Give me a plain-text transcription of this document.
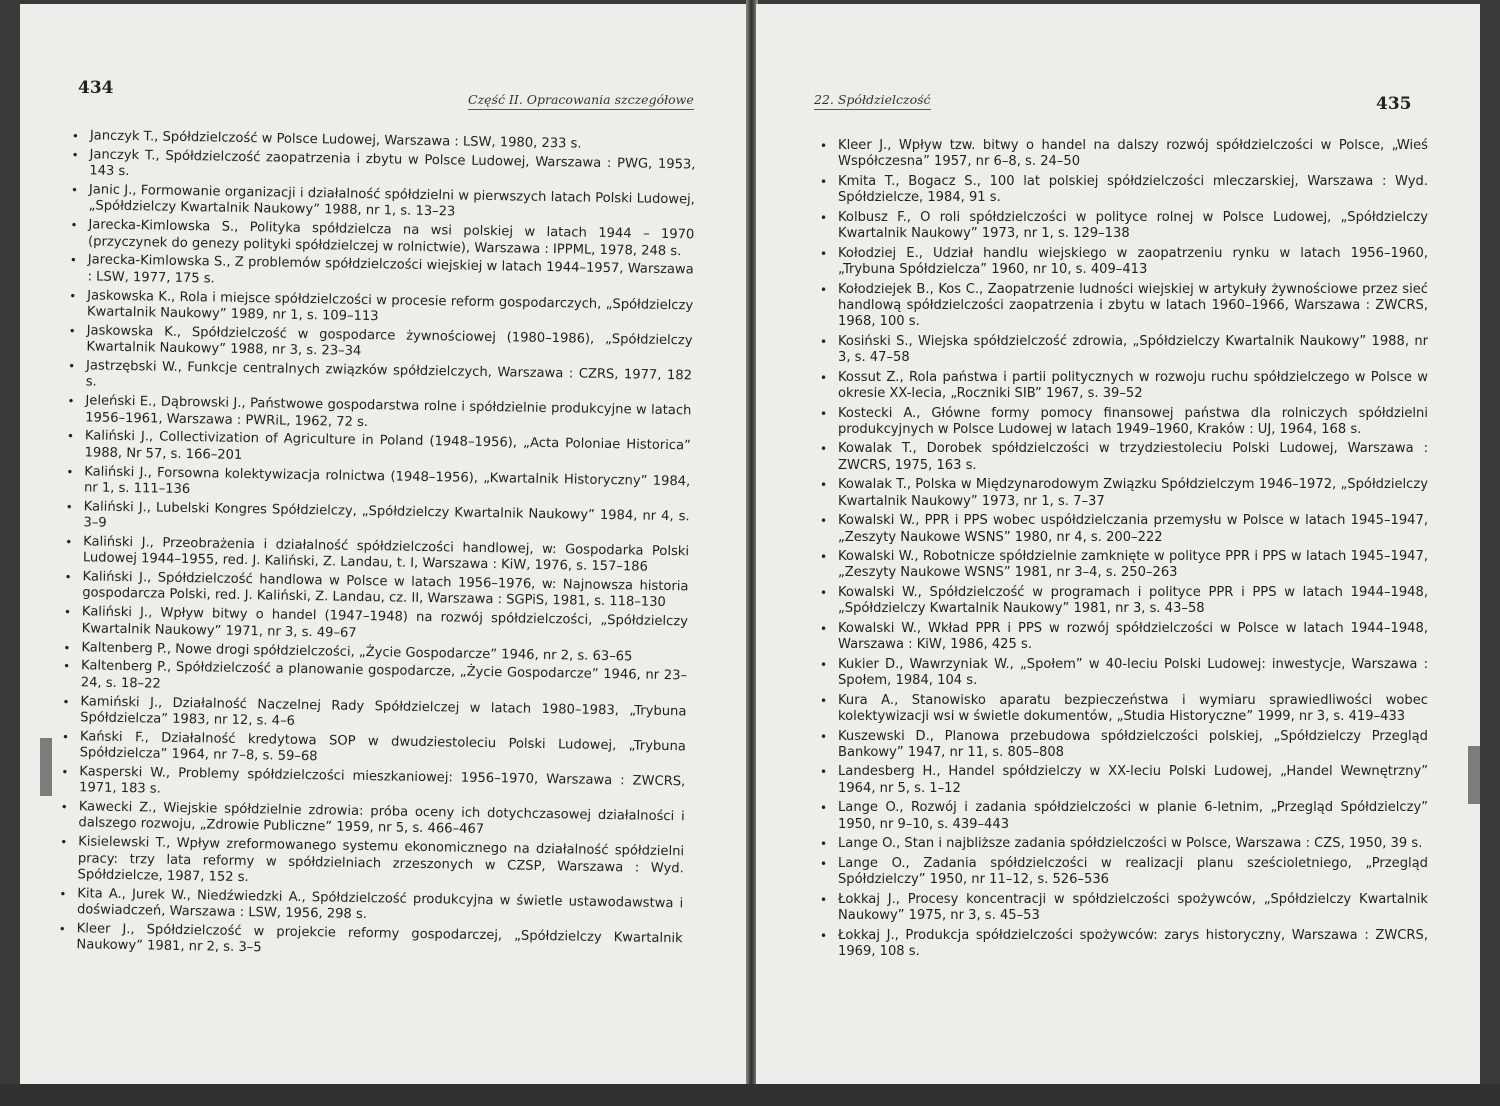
434
Część II. Opracowania szczegółowe
• Janczyk T., Spółdzielczość w Polsce Ludowej, Warszawa : LSW, 1980, 233 s.
• Janczyk T., Spółdzielczość zaopatrzenia i zbytu w Polsce Ludowej, Warszawa : PWG, 1953, 143 s.
• Janic J., Formowanie organizacji i działalność spółdzielni w pierwszych latach Polski Ludowej, „Spółdzielczy Kwartalnik Naukowy” 1988, nr 1, s. 13–23
• Jarecka-Kimlowska S., Polityka spółdzielcza na wsi polskiej w latach 1944 – 1970 (przyczynek do genezy polityki spółdzielczej w rolnictwie), Warszawa : IPPML, 1978, 248 s.
• Jarecka-Kimlowska S., Z problemów spółdzielczości wiejskiej w latach 1944–1957, Warszawa : LSW, 1977, 175 s.
• Jaskowska K., Rola i miejsce spółdzielczości w procesie reform gospodarczych, „Spółdzielczy Kwartalnik Naukowy” 1989, nr 1, s. 109–113
• Jaskowska K., Spółdzielczość w gospodarce żywnościowej (1980–1986), „Spółdzielczy Kwartalnik Naukowy” 1988, nr 3, s. 23–34
• Jastrzębski W., Funkcje centralnych związków spółdzielczych, Warszawa : CZRS, 1977, 182 s.
• Jeleński E., Dąbrowski J., Państwowe gospodarstwa rolne i spółdzielnie produkcyjne w latach 1956–1961, Warszawa : PWRiL, 1962, 72 s.
• Kaliński J., Collectivization of Agriculture in Poland (1948–1956), „Acta Poloniae Historica” 1988, Nr 57, s. 166–201
• Kaliński J., Forsowna kolektywizacja rolnictwa (1948–1956), „Kwartalnik Historyczny” 1984, nr 1, s. 111–136
• Kaliński J., Lubelski Kongres Spółdzielczy, „Spółdzielczy Kwartalnik Naukowy” 1984, nr 4, s. 3–9
• Kaliński J., Przeobrażenia i działalność spółdzielczości handlowej, w: Gospodarka Polski Ludowej 1944–1955, red. J. Kaliński, Z. Landau, t. I, Warszawa : KiW, 1976, s. 157–186
• Kaliński J., Spółdzielczość handlowa w Polsce w latach 1956–1976, w: Najnowsza historia gospodarcza Polski, red. J. Kaliński, Z. Landau, cz. II, Warszawa : SGPiS, 1981, s. 118–130
• Kaliński J., Wpływ bitwy o handel (1947–1948) na rozwój spółdzielczości, „Spółdzielczy Kwartalnik Naukowy” 1971, nr 3, s. 49–67
• Kaltenberg P., Nowe drogi spółdzielczości, „Życie Gospodarcze” 1946, nr 2, s. 63–65
• Kaltenberg P., Spółdzielczość a planowanie gospodarcze, „Życie Gospodarcze” 1946, nr 23–24, s. 18–22
• Kamiński J., Działalność Naczelnej Rady Spółdzielczej w latach 1980–1983, „Trybuna Spółdzielcza” 1983, nr 12, s. 4–6
• Kański F., Działalność kredytowa SOP w dwudziestoleciu Polski Ludowej, „Trybuna Spółdzielcza” 1964, nr 7–8, s. 59–68
• Kasperski W., Problemy spółdzielczości mieszkaniowej: 1956–1970, Warszawa : ZWCRS, 1971, 183 s.
• Kawecki Z., Wiejskie spółdzielnie zdrowia: próba oceny ich dotychczasowej działalności i dalszego rozwoju, „Zdrowie Publiczne” 1959, nr 5, s. 466–467
• Kisielewski T., Wpływ zreformowanego systemu ekonomicznego na działalność spółdzielni pracy: trzy lata reformy w spółdzielniach zrzeszonych w CZSP, Warszawa : Wyd. Spółdzielcze, 1987, 152 s.
• Kita A., Jurek W., Niedźwiedzki A., Spółdzielczość produkcyjna w świetle ustawodawstwa i doświadczeń, Warszawa : LSW, 1956, 298 s.
• Kleer J., Spółdzielczość w projekcie reformy gospodarczej, „Spółdzielczy Kwartalnik Naukowy” 1981, nr 2, s. 3–5
22. Spółdzielczość	435
• Kleer J., Wpływ tzw. bitwy o handel na dalszy rozwój spółdzielczości w Polsce, „Wieś Współczesna” 1957, nr 6–8, s. 24–50
• Kmita T., Bogacz S., 100 lat polskiej spółdzielczości mleczarskiej, Warszawa : Wyd. Spółdzielcze, 1984, 91 s.
• Kolbusz F., O roli spółdzielczości w polityce rolnej w Polsce Ludowej, „Spółdzielczy Kwartalnik Naukowy” 1973, nr 1, s. 129–138
• Kołodziej E., Udział handlu wiejskiego w zaopatrzeniu rynku w latach 1956–1960, „Trybuna Spółdzielcza” 1960, nr 10, s. 409–413
• Kołodziejek B., Kos C., Zaopatrzenie ludności wiejskiej w artykuły żywnościowe przez sieć handlową spółdzielczości zaopatrzenia i zbytu w latach 1960–1966, Warszawa : ZWCRS, 1968, 100 s.
• Kosiński S., Wiejska spółdzielczość zdrowia, „Spółdzielczy Kwartalnik Naukowy” 1988, nr 3, s. 47–58
• Kossut Z., Rola państwa i partii politycznych w rozwoju ruchu spółdzielczego w Polsce w okresie XX-lecia, „Roczniki SIB” 1967, s. 39–52
• Kostecki A., Główne formy pomocy finansowej państwa dla rolniczych spółdzielni produkcyjnych w Polsce Ludowej w latach 1949–1960, Kraków : UJ, 1964, 168 s.
• Kowalak T., Dorobek spółdzielczości w trzydziestoleciu Polski Ludowej, Warszawa : ZWCRS, 1975, 163 s.
• Kowalak T., Polska w Międzynarodowym Związku Spółdzielczym 1946–1972, „Spółdzielczy Kwartalnik Naukowy” 1973, nr 1, s. 7–37
• Kowalski W., PPR i PPS wobec uspółdzielczania przemysłu w Polsce w latach 1945–1947, „Zeszyty Naukowe WSNS” 1980, nr 4, s. 200–222
• Kowalski W., Robotnicze spółdzielnie zamknięte w polityce PPR i PPS w latach 1945–1947, „Zeszyty Naukowe WSNS” 1981, nr 3–4, s. 250–263
• Kowalski W., Spółdzielczość w programach i polityce PPR i PPS w latach 1944–1948, „Spółdzielczy Kwartalnik Naukowy” 1981, nr 3, s. 43–58
• Kowalski W., Wkład PPR i PPS w rozwój spółdzielczości w Polsce w latach 1944–1948, Warszawa : KiW, 1986, 425 s.
• Kukier D., Wawrzyniak W., „Społem” w 40-leciu Polski Ludowej: inwestycje, Warszawa : Społem, 1984, 104 s.
• Kura A., Stanowisko aparatu bezpieczeństwa i wymiaru sprawiedliwości wobec kolektywizacji wsi w świetle dokumentów, „Studia Historyczne” 1999, nr 3, s. 419–433
• Kuszewski D., Planowa przebudowa spółdzielczości polskiej, „Spółdzielczy Przegląd Bankowy” 1947, nr 11, s. 805–808
• Landesberg H., Handel spółdzielczy w XX-leciu Polski Ludowej, „Handel Wewnętrzny” 1964, nr 5, s. 1–12
• Lange O., Rozwój i zadania spółdzielczości w planie 6-letnim, „Przegląd Spółdzielczy” 1950, nr 9–10, s. 439–443
• Lange O., Stan i najbliższe zadania spółdzielczości w Polsce, Warszawa : CZS, 1950, 39 s.
• Lange O., Zadania spółdzielczości w realizacji planu sześcioletniego, „Przegląd Spółdzielczy” 1950, nr 11–12, s. 526–536
• Łokkaj J., Procesy koncentracji w spółdzielczości spożywców, „Spółdzielczy Kwartalnik Naukowy” 1975, nr 3, s. 45–53
• Łokkaj J., Produkcja spółdzielczości spożywców: zarys historyczny, Warszawa : ZWCRS, 1969, 108 s.
